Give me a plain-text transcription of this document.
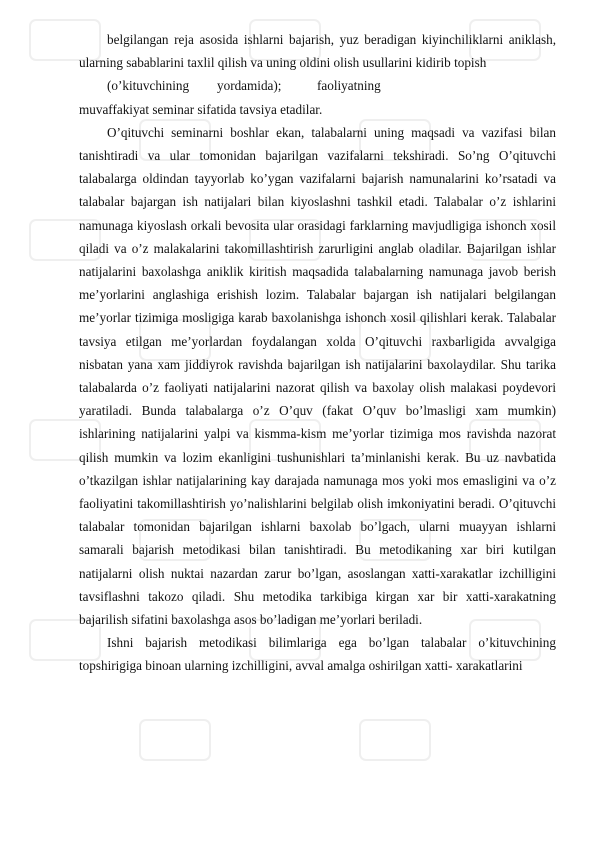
belgilangan reja asosida ishlarni bajarish, yuz beradigan kiyinchiliklarni aniklash, ularning sabablarini taxlil qilish va uning oldini olish usullarini kidirib topish

(o’kituvchining	yordamida);	faoliyatning

muvaffakiyat seminar sifatida tavsiya etadilar.

O’qituvchi seminarni boshlar ekan, talabalarni uning maqsadi va vazifasi bilan tanishtiradi va ular tomonidan bajarilgan vazifalarni tekshiradi. So’ng O’qituvchi talabalarga oldindan tayyorlab ko’ygan vazifalarni bajarish namunalarini ko’rsatadi va talabalar bajargan ish natijalari bilan kiyoslashni tashkil etadi. Talabalar o’z ishlarini namunaga kiyoslash orkali bevosita ular orasidagi farklarning mavjudligiga ishonch xosil qiladi va o’z malakalarini takomillashtirish zarurligini anglab oladilar. Bajarilgan ishlar natijalarini baxolashga aniklik kiritish maqsadida talabalarning namunaga javob berish me’yorlarini anglashiga erishish lozim. Talabalar bajargan ish natijalari belgilangan me’yorlar tizimiga mosligiga karab baxolanishga ishonch xosil qilishlari kerak. Talabalar tavsiya etilgan me’yorlardan foydalangan xolda O’qituvchi raxbarligida avvalgiga nisbatan yana xam jiddiyrok ravishda bajarilgan ish natijalarini baxolaydilar. Shu tarika talabalarda o’z faoliyati natijalarini nazorat qilish va baxolay olish malakasi poydevori yaratiladi. Bunda talabalarga o’z O’quv (fakat O’quv bo’lmasligi xam mumkin) ishlarining natijalarini yalpi va kismma-kism me’yorlar tizimiga mos ravishda nazorat qilish mumkin va lozim ekanligini tushunishlari ta’minlanishi kerak. Bu uz navbatida o’tkazilgan ishlar natijalarining kay darajada namunaga mos yoki mos emasligini va o’z faoliyatini takomillashtirish yo’nalishlarini belgilab olish imkoniyatini beradi. O’qituvchi talabalar tomonidan bajarilgan ishlarni baxolab bo’lgach, ularni muayyan ishlarni samarali bajarish metodikasi bilan tanishtiradi. Bu metodikaning xar biri kutilgan natijalarni olish nuktai nazardan zarur bo’lgan, asoslangan xatti-xarakatlar izchilligini tavsiflashni takozo qiladi. Shu metodika tarkibiga kirgan xar bir xatti-xarakatning bajarilish sifatini baxolashga asos bo’ladigan me’yorlari beriladi.

Ishni bajarish metodikasi bilimlariga ega bo’lgan talabalar o’kituvchining topshirigiga binoan ularning izchilligini, avval amalga oshirilgan xatti- xarakatlarini
